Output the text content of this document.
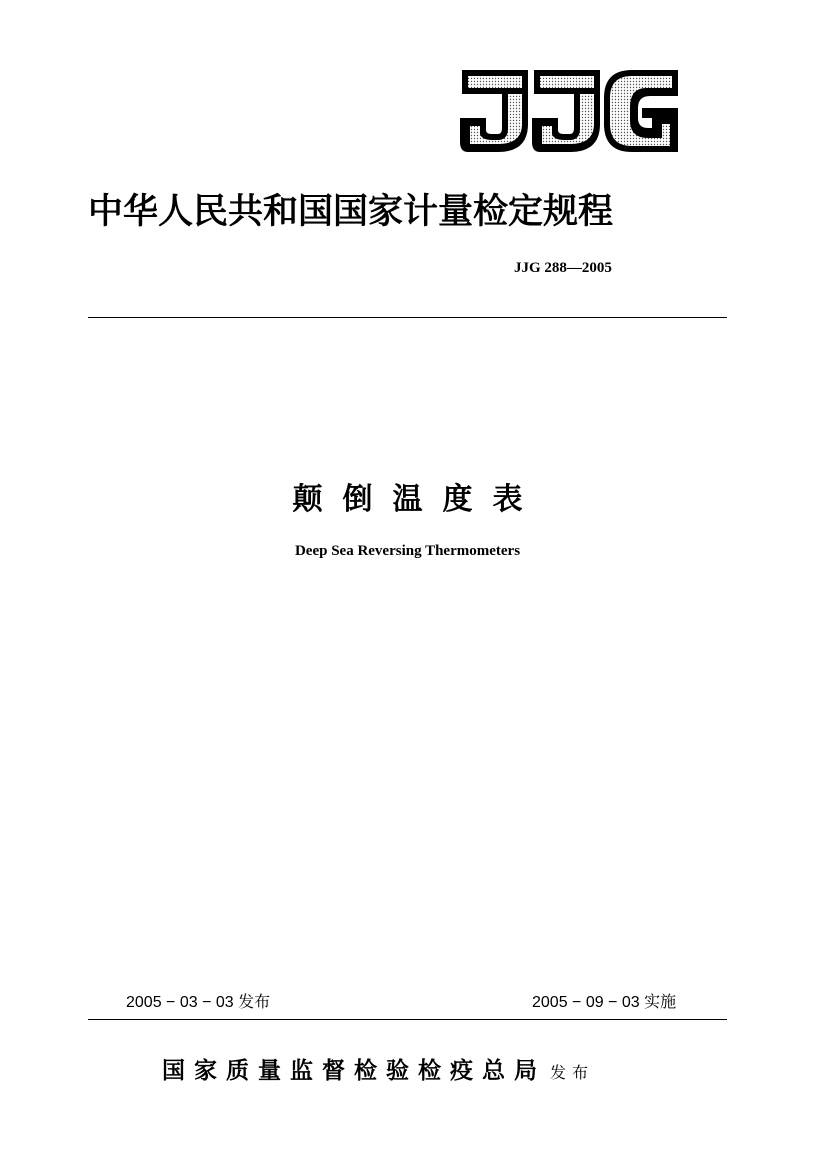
中华人民共和国国家计量检定规程
JJG 288—2005
颠倒温度表
Deep Sea Reversing Thermometers
2005 − 03 − 03 发布	2005 − 09 − 03 实施
国家质量监督检验检疫总局 发布
